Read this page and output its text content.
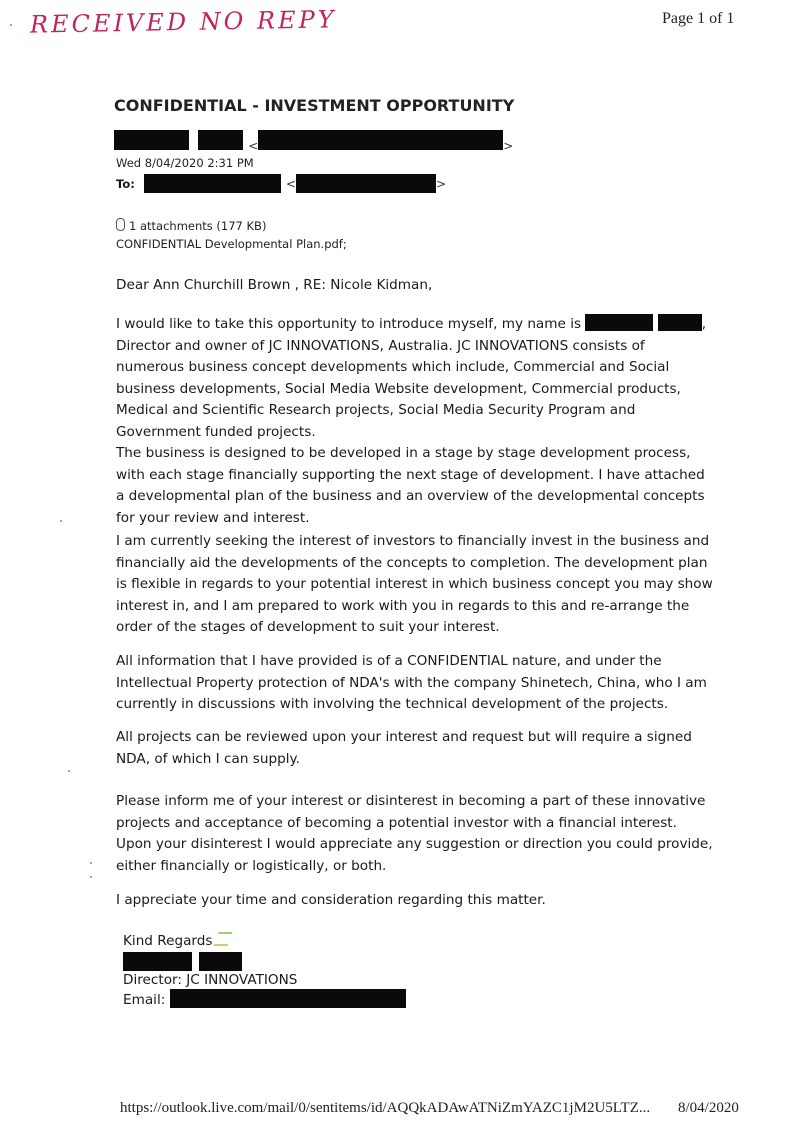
RECEIVED NO REPY	Page 1 of 1
CONFIDENTIAL - INVESTMENT OPPORTUNITY
<	>
Wed 8/04/2020 2:31 PM
To:	<	>
1 attachments (177 KB)
CONFIDENTIAL Developmental Plan.pdf;
Dear Ann Churchill Brown , RE: Nicole Kidman,

I would like to take this opportunity to introduce myself, my name is	, Director and owner of JC INNOVATIONS, Australia. JC INNOVATIONS consists of numerous business concept developments which include, Commercial and Social business developments, Social Media Website development, Commercial products, Medical and Scientific Research projects, Social Media Security Program and Government funded projects.

The business is designed to be developed in a stage by stage development process, with each stage financially supporting the next stage of development. I have attached a developmental plan of the business and an overview of the developmental concepts for your review and interest.

I am currently seeking the interest of investors to financially invest in the business and financially aid the developments of the concepts to completion. The development plan is flexible in regards to your potential interest in which business concept you may show interest in, and I am prepared to work with you in regards to this and re-arrange the order of the stages of development to suit your interest.
All information that I have provided is of a CONFIDENTIAL nature, and under the Intellectual Property protection of NDA's with the company Shinetech, China, who I am currently in discussions with involving the technical development of the projects.
All projects can be reviewed upon your interest and request but will require a signed NDA, of which I can supply.

Please inform me of your interest or disinterest in becoming a part of these innovative projects and acceptance of becoming a potential investor with a financial interest.

Upon your disinterest I would appreciate any suggestion or direction you could provide, either financially or logistically, or both.

I appreciate your time and consideration regarding this matter.
Kind Regards

Director: JC INNOVATIONS
Email:
https://outlook.live.com/mail/0/sentitems/id/AQQkADAwATNiZmYAZC1jM2U5LTZ... 8/04/2020
